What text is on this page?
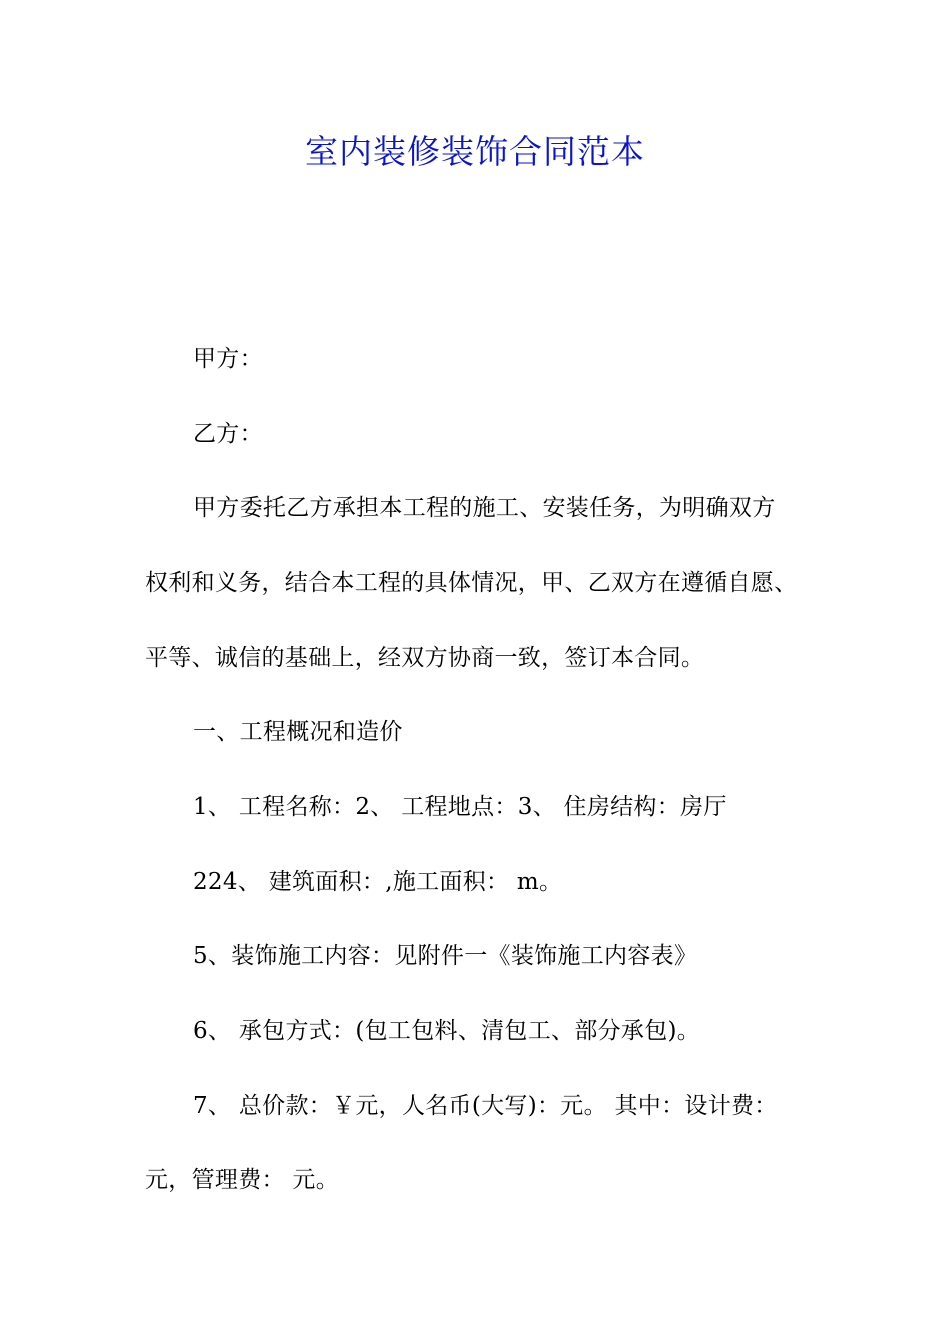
室内装修装饰合同范本
甲方：
乙方：
甲方委托乙方承担本工程的施工、安装任务，为明确双方
权利和义务，结合本工程的具体情况，甲、乙双方在遵循自愿、
平等、诚信的基础上，经双方协商一致，签订本合同。
一、工程概况和造价
1、 工程名称：2、 工程地点：3、 住房结构：房厅
224、 建筑面积：,施工面积： m。
5、装饰施工内容：见附件一《装饰施工内容表》
6、 承包方式：(包工包料、清包工、部分承包)。
7、 总价款：￥元，人名币(大写)：元。 其中：设计费：
元，管理费： 元。
